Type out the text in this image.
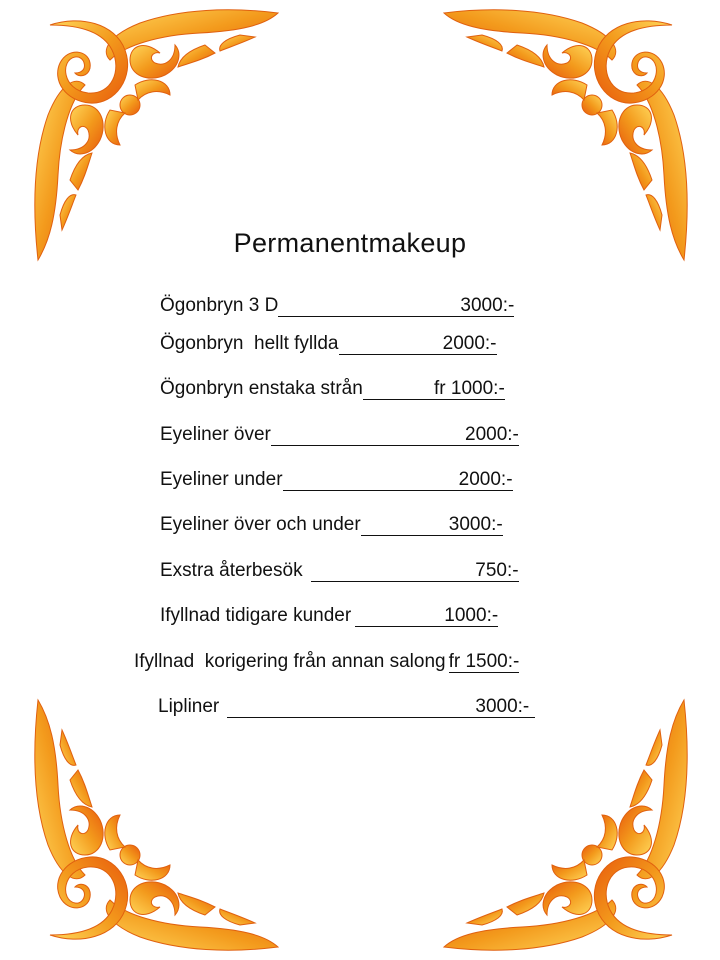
Permanentmakeup
Ögonbryn 3 D	3000:-
Ögonbryn  hellt fyllda	2000:-
Ögonbryn enstaka strån	fr 1000:-
Eyeliner över	2000:-
Eyeliner under	2000:-
Eyeliner över och under	3000:-
Exstra återbesök	750:-
Ifyllnad tidigare kunder	1000:-
Ifyllnad  korigering från annan salong fr 1500:-
Lipliner	3000:-
